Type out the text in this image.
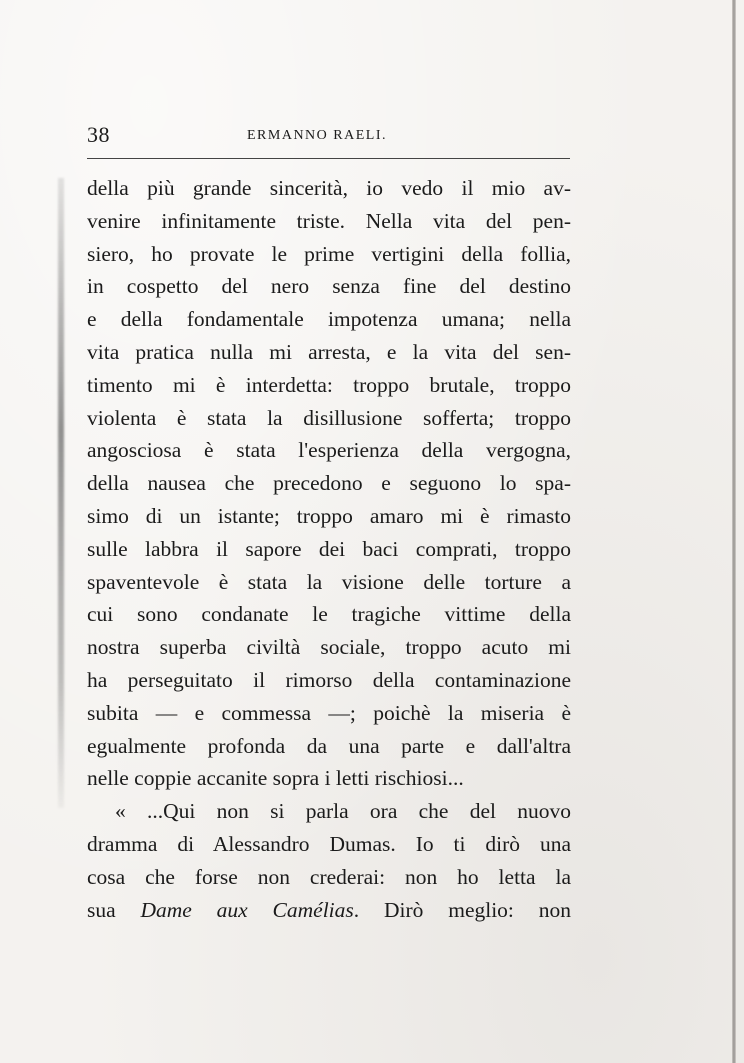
38	ERMANNO RAELI.
della più grande sincerità, io vedo il mio av-
venire infinitamente triste. Nella vita del pen-
siero, ho provate le prime vertigini della follia,
in cospetto del nero senza fine del destino
e della fondamentale impotenza umana; nella
vita pratica nulla mi arresta, e la vita del sen-
timento mi è interdetta: troppo brutale, troppo
violenta è stata la disillusione sofferta; troppo
angosciosa è stata l'esperienza della vergogna,
della nausea che precedono e seguono lo spa-
simo di un istante; troppo amaro mi è rimasto
sulle labbra il sapore dei baci comprati, troppo
spaventevole è stata la visione delle torture a
cui sono condanate le tragiche vittime della
nostra superba civiltà sociale, troppo acuto mi
ha perseguitato il rimorso della contaminazione
subita — e commessa —; poichè la miseria è
egualmente profonda da una parte e dall'altra
nelle coppie accanite sopra i letti rischiosi...
« ...Qui non si parla ora che del nuovo
dramma di Alessandro Dumas. Io ti dirò una
cosa che forse non crederai: non ho letta la
sua Dame aux Camélias. Dirò meglio: non
